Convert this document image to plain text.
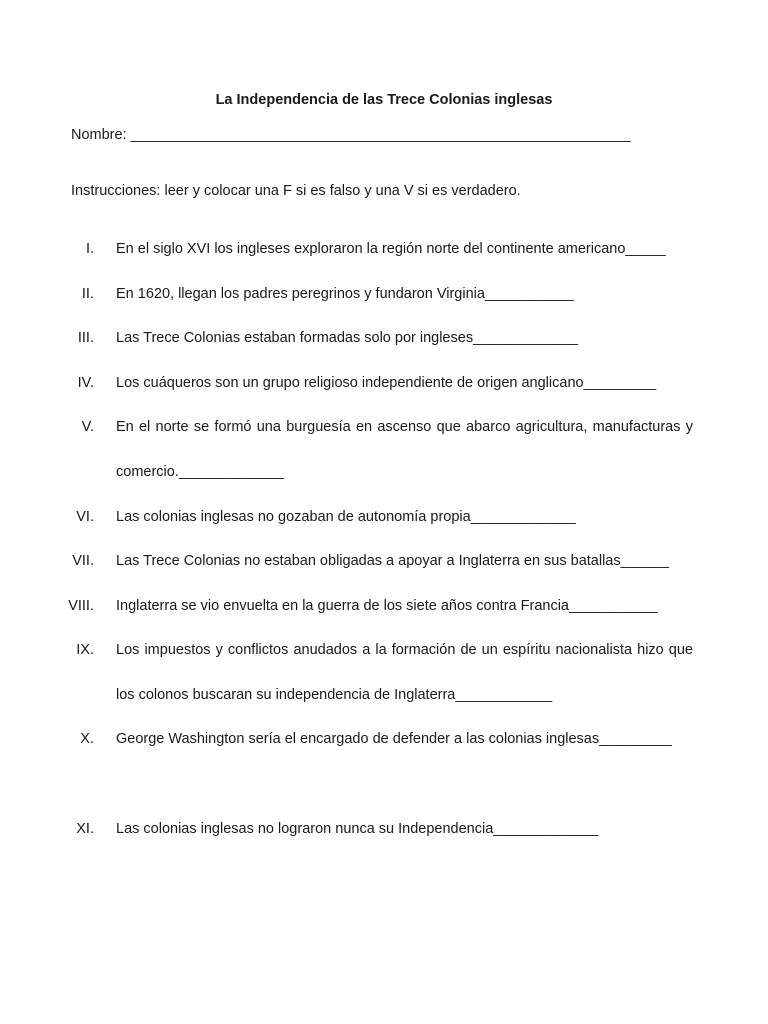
La Independencia de las Trece Colonias inglesas
Nombre: ______________________________________________________________
Instrucciones: leer y colocar una F si es falso y una V si es verdadero.
I. En el siglo XVI los ingleses exploraron la región norte del continente americano_____
II. En 1620, llegan los padres peregrinos y fundaron Virginia___________
III. Las Trece Colonias estaban formadas solo por ingleses_____________
IV. Los cuáqueros son un grupo religioso independiente de origen anglicano_________
V. En el norte se formó una burguesía en ascenso que abarco agricultura, manufacturas y comercio._____________
VI. Las colonias inglesas no gozaban de autonomía propia_____________
VII. Las Trece Colonias no estaban obligadas a apoyar a Inglaterra en sus batallas______
VIII. Inglaterra se vio envuelta en la guerra de los siete años contra Francia___________
IX. Los impuestos y conflictos anudados a la formación de un espíritu nacionalista hizo que los colonos buscaran su independencia de Inglaterra____________
X. George Washington sería el encargado de defender a las colonias inglesas_________
XI. Las colonias inglesas no lograron nunca su Independencia_____________
